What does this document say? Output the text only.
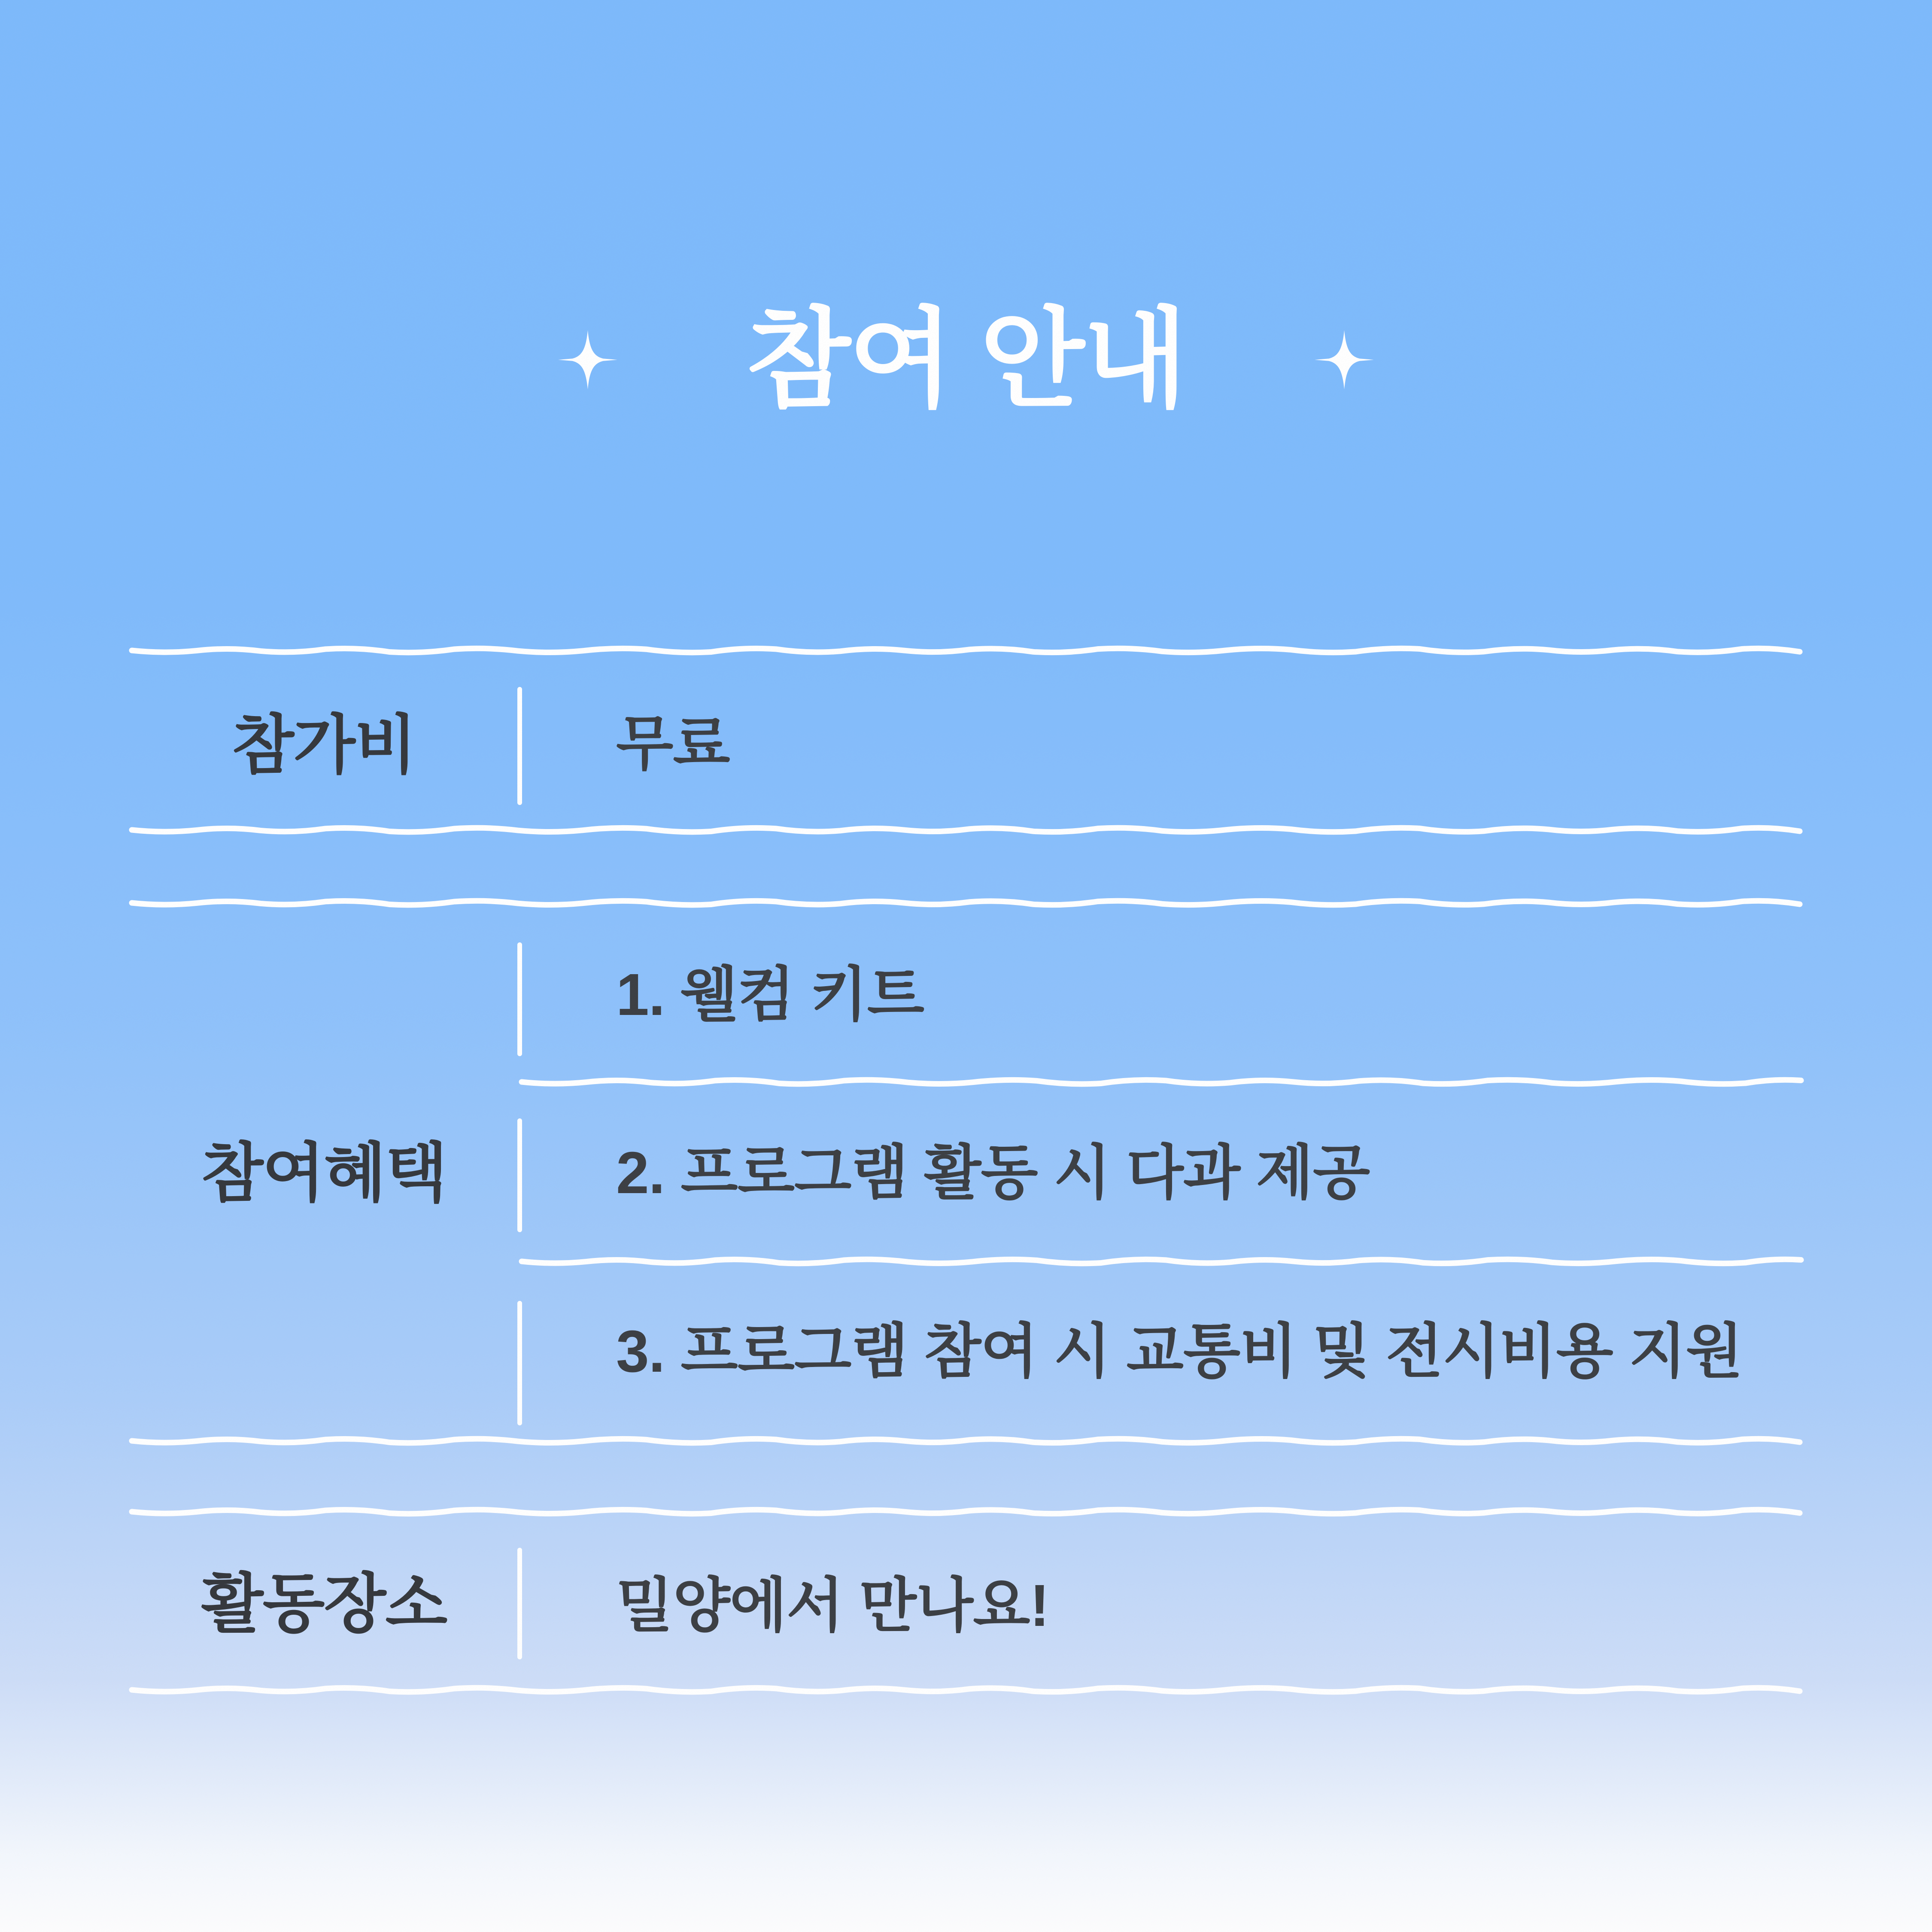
참여 안내
참가비
참여혜택
활동장소
무료
1. 웰컴 키트
2. 프로그램 활동 시 다과 제공
3. 프로그램 참여 시 교통비 및 전시비용 지원
밀양에서 만나요!
